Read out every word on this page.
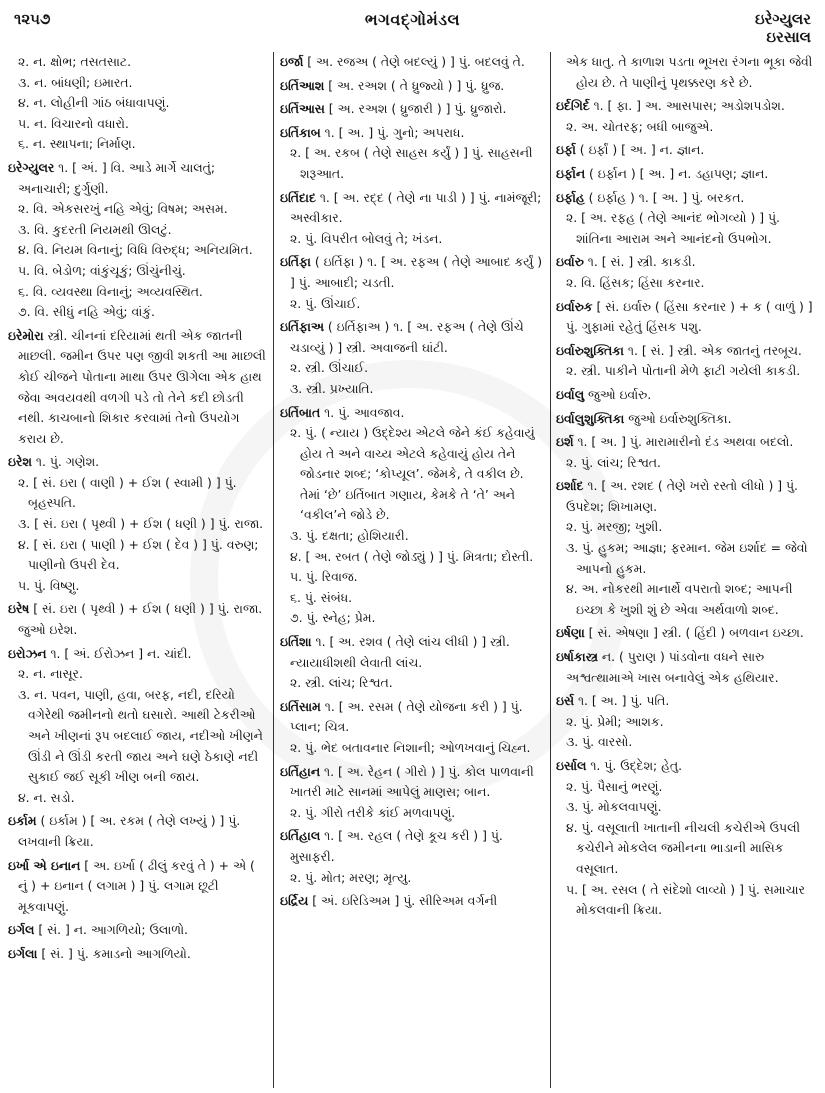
૧૨૫૭	ભગવદ્ગોમંડલ	ઇરેગ્યુલર
ઇરસાલ
૨. ન. ક્ષોભ; તસતસાટ.
૩. ન. બાંધણી; ઇમારત.
૪. ન. લોહીની ગાંઠ બંધાવાપણું.
૫. ન. વિચારનો વધારો.
૬. ન. સ્થાપના; નિર્માણ.
ઇરેગ્યુલર ૧. [ અં. ] વિ. આડે માર્ગે ચાલતું; અનાચારી; દુર્ગુણી.
૨. વિ. એકસરખું નહિ એવું; વિષમ; અસમ.
૩. વિ. કુદરતી નિયમથી ઊલટું.
૪. વિ. નિયમ વિનાનું; વિધિ વિરુદ્ધ; અનિયમિત.
૫. વિ. બેડોળ; વાંકુંચૂકું; ઊંચુંનીચું.
૬. વિ. વ્યવસ્થા વિનાનું; અવ્યવસ્થિત.
૭. વિ. સીધું નહિ એવું; વાંકું.
ઇરેમોરા સ્ત્રી. ચીનનાં દરિયામાં થતી એક જાતની માછલી. જમીન ઉપર પણ જીવી શકતી આ માછલી કોઈ ચીજને પોતાના માથા ઉપર ઊગેલા એક હાથ જેવા અવયવથી વળગી પડે તો તેને કદી છોડતી નથી. કાચબાનો શિકાર કરવામાં તેનો ઉપયોગ કરાય છે.
ઇરેશ ૧. પું. ગણેશ.
૨. [ સં. ઇરા ( વાણી ) + ઈશ ( સ્વામી ) ] પું. બૃહસ્પતિ.
૩. [ સં. ઇરા ( પૃથ્વી ) + ઈશ ( ધણી ) ] પું. રાજા.
૪. [ સં. ઇરા ( પાણી ) + ઈશ ( દેવ ) ] પું. વરુણ; પાણીનો ઉપરી દેવ.
૫. પું. વિષ્ણુ.
ઇરેષ [ સં. ઇરા ( પૃથ્વી ) + ઈશ ( ધણી ) ] પું. રાજા. જુઓ ઇરેશ.
ઇરોઝન ૧. [ અં. ઈરોઝન ] ન. ચાંદી.
૨. ન. નાસૂર.
૩. ન. પવન, પાણી, હવા, બરફ, નદી, દરિયો વગેરેથી જમીનનો થતો ઘસારો. આથી ટેકરીઓ અને ખીણનાં રૂપ બદલાઈ જાય, નદીઓ ખીણને ઊંડી ને ઊંડી કરતી જાય અને ઘણે ઠેકાણે નદી સુકાઈ જઈ સૂકી ખીણ બની જાય.
૪. ન. સડો.
ઇર્કામ ( ઇર્કામ ) [ અ. રકમ ( તેણે લખ્યું ) ] પું. લખવાની ક્રિયા.
ઇર્ખા એ ઇનાન [ અ. ઇર્ખા ( ઢીલું કરવું તે ) + એ ( નું ) + ઇનાન ( લગામ ) ] પું. લગામ છૂટી મૂકવાપણું.
ઇર્ગલ [ સં. ] ન. આગળિયો; ઉલાળો.
ઇર્ગલા [ સં. ] પું. કમાડનો આગળિયો.
ઇર્જા [ અ. રજઅ ( તેણે બદલ્યું ) ] પું. બદલવું તે.
ઇર્તિઆશ [ અ. રઅશ ( તે ધ્રુજ્યો ) ] પું. ધ્રુજ.
ઇર્તિઆસ [ અ. રઅશ ( ધ્રુજારી ) ] પું. ધ્રુજારો.
ઇર્તિકાબ ૧. [ અ. ] પું. ગુનો; અપરાધ.
૨. [ અ. રકબ ( તેણે સાહસ કર્યું ) ] પું. સાહસની શરૂઆત.
ઇર્તિદાદ ૧. [ અ. રદ્દ ( તેણે ના પાડી ) ] પું. નામંજૂરી; અસ્વીકાર.
૨. પું. વિપરીત બોલવું તે; ખંડન.
ઇર્તિફા ( ઇર્તિફા ) ૧. [ અ. રફઅ ( તેણે આબાદ કર્યું ) ] પું. આબાદી; ચડતી.
૨. પું. ઊંચાઈ.
ઇર્તિફાઅ ( ઇર્તિફાઅ ) ૧. [ અ. રફઅ ( તેણે ઊંચે ચડાવ્યું ) ] સ્ત્રી. અવાજની ઘાંટી.
૨. સ્ત્રી. ઊંચાઈ.
૩. સ્ત્રી. પ્રખ્યાતિ.
ઇર્તિબાત ૧. પું. આવજાવ.
૨. પું. ( ન્યાય ) ઉદ્દેશ્ય એટલે જેને કંઈ કહેવાયું હોય તે અને વાચ્ય એટલે કહેવાયું હોય તેને જોડનાર શબ્દ; ‘કોપ્યૂલ’. જેમકે, તે વકીલ છે. તેમાં ‘છે’ ઇર્તિબાત ગણાય, કેમકે તે ‘તે’ અને ‘વકીલ’ને જોડે છે.
૩. પું. દક્ષતા; હોશિયારી.
૪. [ અ. રબત ( તેણે જોડ્યું ) ] પું. મિત્રતા; દોસ્તી.
૫. પું. રિવાજ.
૬. પું. સંબંધ.
૭. પું. સ્નેહ; પ્રેમ.
ઇર્તિશા ૧. [ અ. રશવ ( તેણે લાંચ લીધી ) ] સ્ત્રી. ન્યાયાધીશથી લેવાતી લાંચ.
૨. સ્ત્રી. લાંચ; રિશ્વત.
ઇર્તિસામ ૧. [ અ. રસમ ( તેણે યોજના કરી ) ] પું. પ્લાન; ચિત્ર.
૨. પું. ભેદ બતાવનાર નિશાની; ઓળખવાનું ચિહ્ન.
ઇર્તિહાન ૧. [ અ. રેહન ( ગીરો ) ] પું. કોલ પાળવાની ખાતરી માટે સાનમાં આપેલું માણસ; બાન.
૨. પું. ગીરો તરીકે કાંઈ મળવાપણું.
ઇર્તિહાલ ૧. [ અ. રહલ ( તેણે કૂચ કરી ) ] પું. મુસાફરી.
૨. પું. મોત; મરણ; મૃત્યુ.
ઇર્દ્રિય [ અં. ઇરિડિઅમ ] પું. સીરિઅમ વર્ગની
એક ધાતુ. તે કાળાશ પડતા ભૂખરા રંગના ભૂકા જેવી હોય છે. તે પાણીનું પૃથક્કરણ કરે છે.
ઇર્દગિર્દ ૧. [ ફા. ] અ. આસપાસ; અડોશપડોશ.
૨. અ. ચોતરફ; બધી બાજુએ.
ઇર્ફા ( ઇર્ફાં ) [ અ. ] ન. જ્ઞાન.
ઇર્ફાન ( ઇર્ફાન ) [ અ. ] ન. ડહાપણ; જ્ઞાન.
ઇર્ફાહ ( ઇર્ફાહ ) ૧. [ અ. ] પું. બરકત.
૨. [ અ. રફહ ( તેણે આનંદ ભોગવ્યો ) ] પું. શાંતિના આરામ અને આનંદનો ઉપભોગ.
ઇર્વારુ ૧. [ સં. ] સ્ત્રી. કાકડી.
૨. વિ. હિંસક; હિંસા કરનાર.
ઇર્વારુક [ સં. ઇર્વારુ ( હિંસા કરનાર ) + ક ( વાળું ) ] પું. ગુફામાં રહેતું હિંસક પશુ.
ઇર્વારુશુક્તિકા ૧. [ સં. ] સ્ત્રી. એક જાતનું તરબૂચ.
૨. સ્ત્રી. પાકીને પોતાની મેળે ફાટી ગયેલી કાકડી.
ઇર્વાલુ જુઓ ઇર્વારુ.
ઇર્વાલુશુક્તિકા જુઓ ઇર્વારુશુક્તિકા.
ઇર્શ ૧. [ અ. ] પું. મારામારીનો દંડ અથવા બદલો.
૨. પું. લાંચ; રિશ્વત.
ઇર્શાદ ૧. [ અ. રશદ ( તેણે ખરો રસ્તો લીધો ) ] પું. ઉપદેશ; શિખામણ.
૨. પું. મરજી; ખુશી.
૩. પું. હુકમ; આજ્ઞા; ફરમાન. જેમ ઇર્શાદ = જેવો આપનો હુકમ.
૪. અ. નોકરથી માનાર્થે વપરાતો શબ્દ; આપની ઇચ્છા કે ખુશી શું છે એવા અર્થવાળો શબ્દ.
ઇર્ષણા [ સં. એષણા ] સ્ત્રી. ( હિંદી ) બળવાન ઇચ્છા.
ઇર્ષાકાસ્ત્ર ન. ( પુરાણ ) પાંડવોના વધને સારુ અશ્વત્થામાએ ખાસ બનાવેલું એક હથિયાર.
ઇર્સ ૧. [ અ. ] પું. પતિ.
૨. પું. પ્રેમી; આશક.
૩. પું. વારસો.
ઇર્સાલ ૧. પું. ઉદ્દેશ; હેતુ.
૨. પું. પૈસાનું ભરણું.
૩. પું. મોકલવાપણું.
૪. પું. વસૂલાતી ખાતાની નીચલી કચેરીએ ઉપલી કચેરીને મોકલેલ જમીનના ભાડાની માસિક વસૂલાત.
૫. [ અ. રસલ ( તે સંદેશો લાવ્યો ) ] પું. સમાચાર મોકલવાની ક્રિયા.
